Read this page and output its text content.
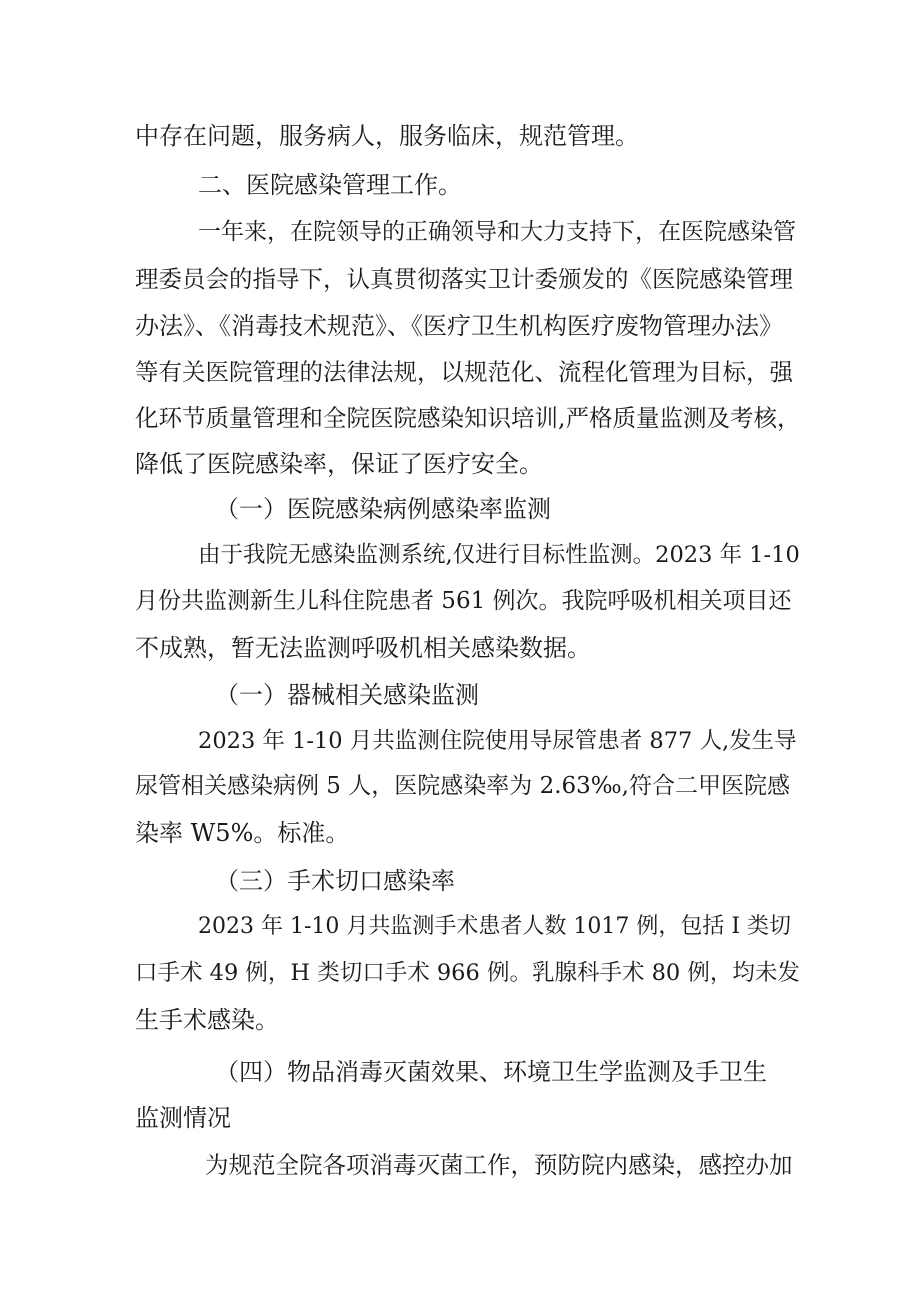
中存在问题，服务病人，服务临床，规范管理。
二、医院感染管理工作。
一年来，在院领导的正确领导和大力支持下，在医院感染管
理委员会的指导下，认真贯彻落实卫计委颁发的《医院感染管理
办法》、《消毒技术规范》、《医疗卫生机构医疗废物管理办法》
等有关医院管理的法律法规，以规范化、流程化管理为目标，强
化环节质量管理和全院医院感染知识培训,严格质量监测及考核，
降低了医院感染率，保证了医疗安全。
（一）医院感染病例感染率监测
由于我院无感染监测系统,仅进行目标性监测。2023 年 1-10
月份共监测新生儿科住院患者 561 例次。我院呼吸机相关项目还
不成熟，暂无法监测呼吸机相关感染数据。
（一）器械相关感染监测
2023 年 1-10 月共监测住院使用导尿管患者 877 人,发生导
尿管相关感染病例 5 人，医院感染率为 2.63‰,符合二甲医院感
染率 W5%。标准。
（三）手术切口感染率
2023 年 1-10 月共监测手术患者人数 1017 例，包括 I 类切
口手术 49 例，H 类切口手术 966 例。乳腺科手术 80 例，均未发
生手术感染。
（四）物品消毒灭菌效果、环境卫生学监测及手卫生
监测情况
为规范全院各项消毒灭菌工作，预防院内感染，感控办加
